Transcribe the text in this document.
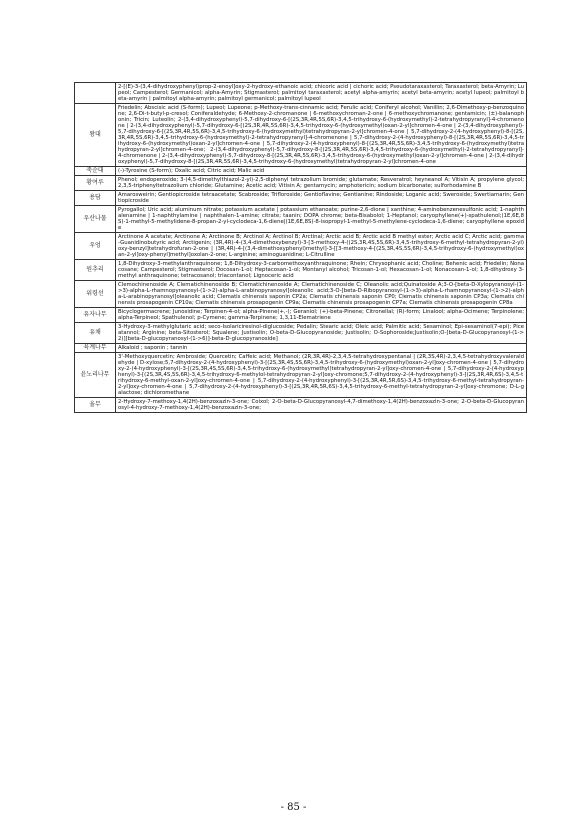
	2-[(E)-3-(3,4-dihydroxyphenyl)prop-2-enoyl]oxy-2-hydroxy-ethanoic acid; chicoric acid | cichoric acid; Pseudotaraxasterol; Taraxasterol; beta-Amyrin; Lupeol; Campesterol; Germanicol; alpha-Amyrin; Stigmasterol; palmitoyl taraxasterol; acetyl alpha-amyrin; acetyl beta-amyrin; acetyl lupeol; palmitoyl beta-amyrin | palmitoyl alpha-amyrin; palmitoyl germanicol; palmitoyl lupeol
왕대	Friedelin; Abscisic acid (S-form); Lupeol; Lupeone; p-Methoxy-trans-cinnamic acid; Ferulic acid; Coniferyl alcohol; Vanillin; 2,6-Dimethoxy-p-benzoquinone; 2,6-Di-t-butyl-p-cresol; Coniferaldehyde; 6-Methoxy-2-chromanone | 6-methoxychroman-2-one | 6-methoxychromanone; gentamicin; (±)-balanophonin; Tricin; Luteolin; 2-(3,4-dihydroxyphenyl)-5,7-dihydroxy-6-[(2S,3R,4R,5S,6R)-3,4,5-trihydroxy-6-(hydroxymethyl)-2-tetrahydropyranyl]-4-chromenone | 2-(3,4-dihydroxyphenyl)-5,7-dihydroxy-6-[(2S,3R,4R,5S,6R)-3,4,5-trihydroxy-6-(hydroxymethyl)oxan-2-yl]chromen-4-one | 2-(3,4-dihydroxyphenyl)-5,7-dihydroxy-6-[(2S,3R,4R,5S,6R)-3,4,5-trihydroxy-6-(hydroxymethyl)tetrahydropyran-2-yl]chromen-4-one | 5,7-dihydroxy-2-(4-hydroxyphenyl)-8-[(2S,3R,4R,5S,6R)-3,4,5-trihydroxy-6-(hydroxymethyl)-2-tetrahydropyranyl]-4-chromenone | 5,7-dihydroxy-2-(4-hydroxyphenyl)-8-[(2S,3R,4R,5S,6R)-3,4,5-trihydroxy-6-(hydroxymethyl)oxan-2-yl]chromen-4-one | 5,7-dihydroxy-2-(4-hydroxyphenyl)-8-[(2S,3R,4R,5S,6R)-3,4,5-trihydroxy-6-(hydroxymethyl)tetrahydropyran-2-yl]chromen-4-one; 2-(3,4-dihydroxyphenyl)-5,7-dihydroxy-8-[(2S,3R,4R,5S,6R)-3,4,5-trihydroxy-6-(hydroxymethyl)-2-tetrahydropyranyl]-4-chromenone | 2-(3,4-dihydroxyphenyl)-5,7-dihydroxy-8-[(2S,3R,4R,5S,6R)-3,4,5-trihydroxy-6-(hydroxymethyl)oxan-2-yl]chromen-4-one | 2-(3,4-dihydroxyphenyl)-5,7-dihydroxy-8-[(2S,3R,4R,5S,6R)-3,4,5-trihydroxy-6-(hydroxymethyl)tetrahydropyran-2-yl]chromen-4-one
죽순대	(-)-Tyrosine (S-form); Oxalic acid; Citric acid; Malic acid
황여루	Phenol; endoperoxide; 3-(4,5-dimethylthiazol-2-yl)-2,5-diphenyl tetrazolium bromide; glutamate; Resveratrol; heyneanol A; Vitisin A; propylene glycol; 2,3,5-triphenyltetrazolium chloride; Glutamine; Acetic acid; Vitisin A; gentamycin; amphotericin; sodium bicarbonate; sulforhodamine B
용담	Amarosweirin; Gentiopicroside tetraacetate; Scabroside; Trifloroside; Gentioflavine; Gentianine; Rindoside; Loganic acid; Sweroside; Swertiamarin; Gentiopicroside
우산나물	Pyrogallol; Uric acid; aluminum nitrate; potassium acetate | potassium ethanoate; purine-2,6-dione | xanthine; 4-aminobenzenesulfonic acid; 1-naphthalenamine | 1-naphthylamine | naphthalen-1-amine; citrate; taanin; DOPA chrome; beta-Bisabolol; 1-Heptanol; caryophyllene(+)-spathulenol;(1E,6E,8S)-1-methyl-5-methylidene-8-propan-2-yl-cyclodeca-1,6-diene|(1E,6E,8S)-8-isopropyl-1-methyl-5-methylene-cyclodeca-1,6-diene; caryophyllene epoxide
우엉	Arctinone A acetate; Arctinone A; Arctinone B; Arctinol A; Arctinol B; Arctinal; Arctic acid B; Arctic acid B methyl ester; Arctic acid C; Arctic acid; gamma-Guanidinobutyric acid; Arctigenin; (3R,4R)-4-(3,4-dimethoxybenzyl)-3-[3-methoxy-4-((2S,3R,4S,5S,6R)-3,4,5-trihydroxy-6-methyl-tetrahydropyran-2-yl)oxy-benzyl]tetrahydrofuran-2-one | (3R,4R)-4-[(3,4-dimethoxyphenyl)methyl]-3-[[3-methoxy-4-[(2S,3R,4S,5S,6R)-3,4,5-trihydroxy-6-(hydroxymethyl)oxan-2-yl]oxy-phenyl]methyl]oxolan-2-one; L-arginine; aminoguanidine; L-Citrulline
원추리	1,8-Dihydroxy-3-methylanthraquinone; 1,8-Dihydroxy-3-carbomethoxyanthraquinone; Rhein; Chrysophanic acid; Choline; Behenic acid; Friedelin; Nonacosane; Campesterol; Stigmasterol; Docosan-1-ol; Heptacosan-1-ol; Montanyl alcohol; Tricosan-1-ol; Hexacosan-1-ol; Nonacosan-1-ol; 1,8-dihydroxy 3-methyl anthraquinone; tetracosanol; triacontanol; Lignoceric acid
위령선	Clemochinenoside A; Clematichinenoside B; Clematichinenoside A; Clematichinenoside C; Oleanolic acid;Quinatoside A;3-O-[beta-D-Xylopyranosyl-(1->3)-alpha-L-rhamnopyranosyl-(1->2)-alpha-L-arabinopyranosyl]oleanolic acid;3-O-[beta-D-Ribopyranosyl-(1->3)-alpha-L-rhamnopyranosyl-(1->2)-alpha-L-arabinopyranosyl]oleanolic acid; Clematis chinensis saponin CP2a; Clematis chinensis saponin CP0; Clematis chinensis saponin CP3a; Clematis chinensis prosapogenin CP10a; Clematis chinensis prosapogenin CP9a; Clematis chinensis prosapogenin CP7a; Clematis chinensis prosapogenin CP8a
유자나무	Bicyclogermacrene; Junosidine; Terpinen-4-ol; alpha-Pinene(+,-); Geraniol; (+)-beta-Pinene; Citronellal; (R)-form; Linalool; alpha-Ocimene; Terpinolene; alpha-Terpineol; Spathulenol; p-Cymene; gamma-Terpinene; 1,3,11-Elematriene
유채	3-Hydroxy-3-methylglutaric acid; seco-Isolariciresinol-diglucoside; Pedalin; Stearic acid; Oleic acid; Palmitic acid; Sesaminol; Epi-sesaminol(7-epi); Piceatannol; Arginine; beta-Sitosterol; Squalene; Justisolin; O-beta-D-Glucopyranoside; Justisolin; O-Sophoroside;Justisolin;O-[beta-D-Glucopyranosyl-(1->2)][beta-D-glucopyranosyl-(1->6)]-beta-D-glucopyranoside]
육계나무	Alkaloid ; saponin ; tannin
윤노리나무	3'-Methoxyquercetin; Ambroside; Quercetin; Caffeic acid; Methanol; (2R,3R,4R)-2,3,4,5-tetrahydroxypentanal | (2R,3S,4R)-2,3,4,5-tetrahydroxyvaleraldehyde | D-xylose;5,7-dihydroxy-2-(4-hydroxyphenyl)-3-[(2S,3R,4S,5S,6R)-3,4,5-trihydroxy-6-(hydroxymethyl)oxan-2-yl]oxy-chromen-4-one | 5,7-dihydroxy-2-(4-hydroxyphenyl)-3-[(2S,3R,4S,5S,6R)-3,4,5-trihydroxy-6-(hydroxymethyl)tetrahydropyran-2-yl]oxy-chromen-4-one | 5,7-dihydroxy-2-(4-hydroxyphenyl)-3-[(2S,3R,4S,5S,6R)-3,4,5-trihydroxy-6-methylol-tetrahydropyran-2-yl]oxy-chromone;5,7-dihydroxy-2-(4-hydroxyphenyl)-3-[(2S,3R,4R,6S)-3,4,5-trihydroxy-6-methyl-oxan-2-yl]oxy-chromen-4-one | 5,7-dihydroxy-2-(4-hydroxyphenyl)-3-[(2S,3R,4R,5R,6S)-3,4,5-trihydroxy-6-methyl-tetrahydropyran-2-yl]oxy-chromen-4-one | 5,7-dihydroxy-2-(4-hydroxyphenyl)-3-[(2S,3R,4R,5R,6S)-3,4,5-trihydroxy-6-methyl-tetrahydropyran-2-yl]oxy-chromone; D-L-galactose; dichloromethane
율무	2-Hydroxy-7-methoxy-1,4(2H)-benzoxazin-3-one; Coixol; 2-O-beta-D-Glucopyranosyl-4,7-dimethoxy-1,4(2H)-benzoxazin-3-one; 2-O-beta-D-Glucopyranosyl-4-hydroxy-7-methoxy-1,4(2H)-benzoxazin-3-one;
- 85 -
